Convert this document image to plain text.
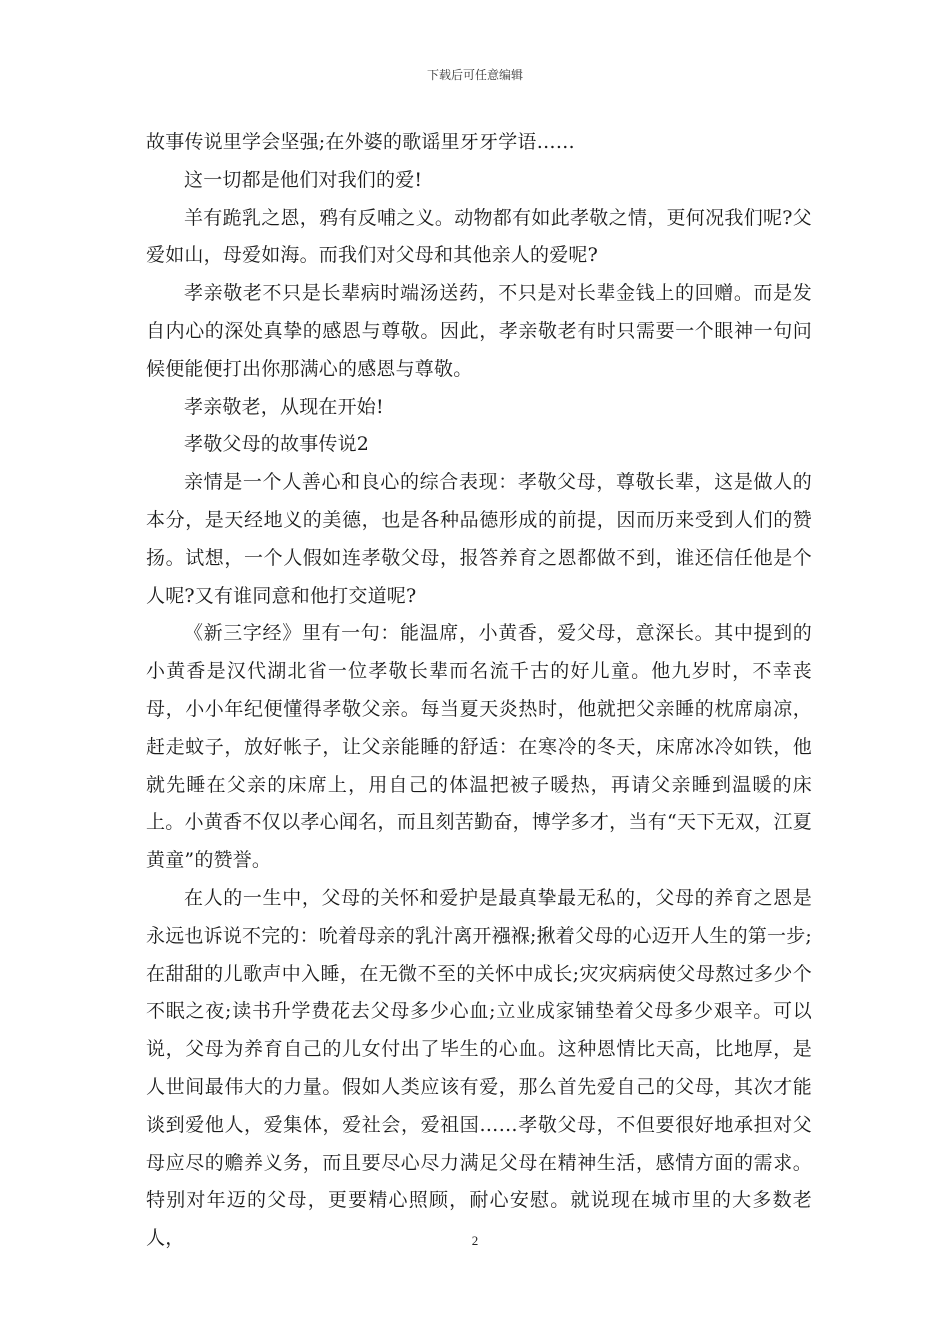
下载后可任意编辑

故事传说里学会坚强;在外婆的歌谣里牙牙学语……

这一切都是他们对我们的爱!

羊有跪乳之恩，鸦有反哺之义。动物都有如此孝敬之情，更何况我们呢?父爱如山，母爱如海。而我们对父母和其他亲人的爱呢?

孝亲敬老不只是长辈病时端汤送药，不只是对长辈金钱上的回赠。而是发自内心的深处真挚的感恩与尊敬。因此，孝亲敬老有时只需要一个眼神一句问候便能便打出你那满心的感恩与尊敬。

孝亲敬老，从现在开始!

孝敬父母的故事传说2

亲情是一个人善心和良心的综合表现：孝敬父母，尊敬长辈，这是做人的本分，是天经地义的美德，也是各种品德形成的前提，因而历来受到人们的赞扬。试想，一个人假如连孝敬父母，报答养育之恩都做不到，谁还信任他是个人呢?又有谁同意和他打交道呢?

《新三字经》里有一句：能温席，小黄香，爱父母，意深长。其中提到的小黄香是汉代湖北省一位孝敬长辈而名流千古的好儿童。他九岁时，不幸丧母，小小年纪便懂得孝敬父亲。每当夏天炎热时，他就把父亲睡的枕席扇凉，赶走蚊子，放好帐子，让父亲能睡的舒适：在寒冷的冬天，床席冰冷如铁，他就先睡在父亲的床席上，用自己的体温把被子暖热，再请父亲睡到温暖的床上。小黄香不仅以孝心闻名，而且刻苦勤奋，博学多才，当有“天下无双，江夏黄童”的赞誉。

在人的一生中，父母的关怀和爱护是最真挚最无私的，父母的养育之恩是永远也诉说不完的：吮着母亲的乳汁离开襁褓;揪着父母的心迈开人生的第一步;在甜甜的儿歌声中入睡，在无微不至的关怀中成长;灾灾病病使父母熬过多少个不眠之夜;读书升学费花去父母多少心血;立业成家铺垫着父母多少艰辛。可以说，父母为养育自己的儿女付出了毕生的心血。这种恩情比天高，比地厚，是人世间最伟大的力量。假如人类应该有爱，那么首先爱自己的父母，其次才能谈到爱他人，爱集体，爱社会，爱祖国……孝敬父母，不但要很好地承担对父母应尽的赡养义务，而且要尽心尽力满足父母在精神生活，感情方面的需求。特别对年迈的父母，更要精心照顾，耐心安慰。就说现在城市里的大多数老人，	2
